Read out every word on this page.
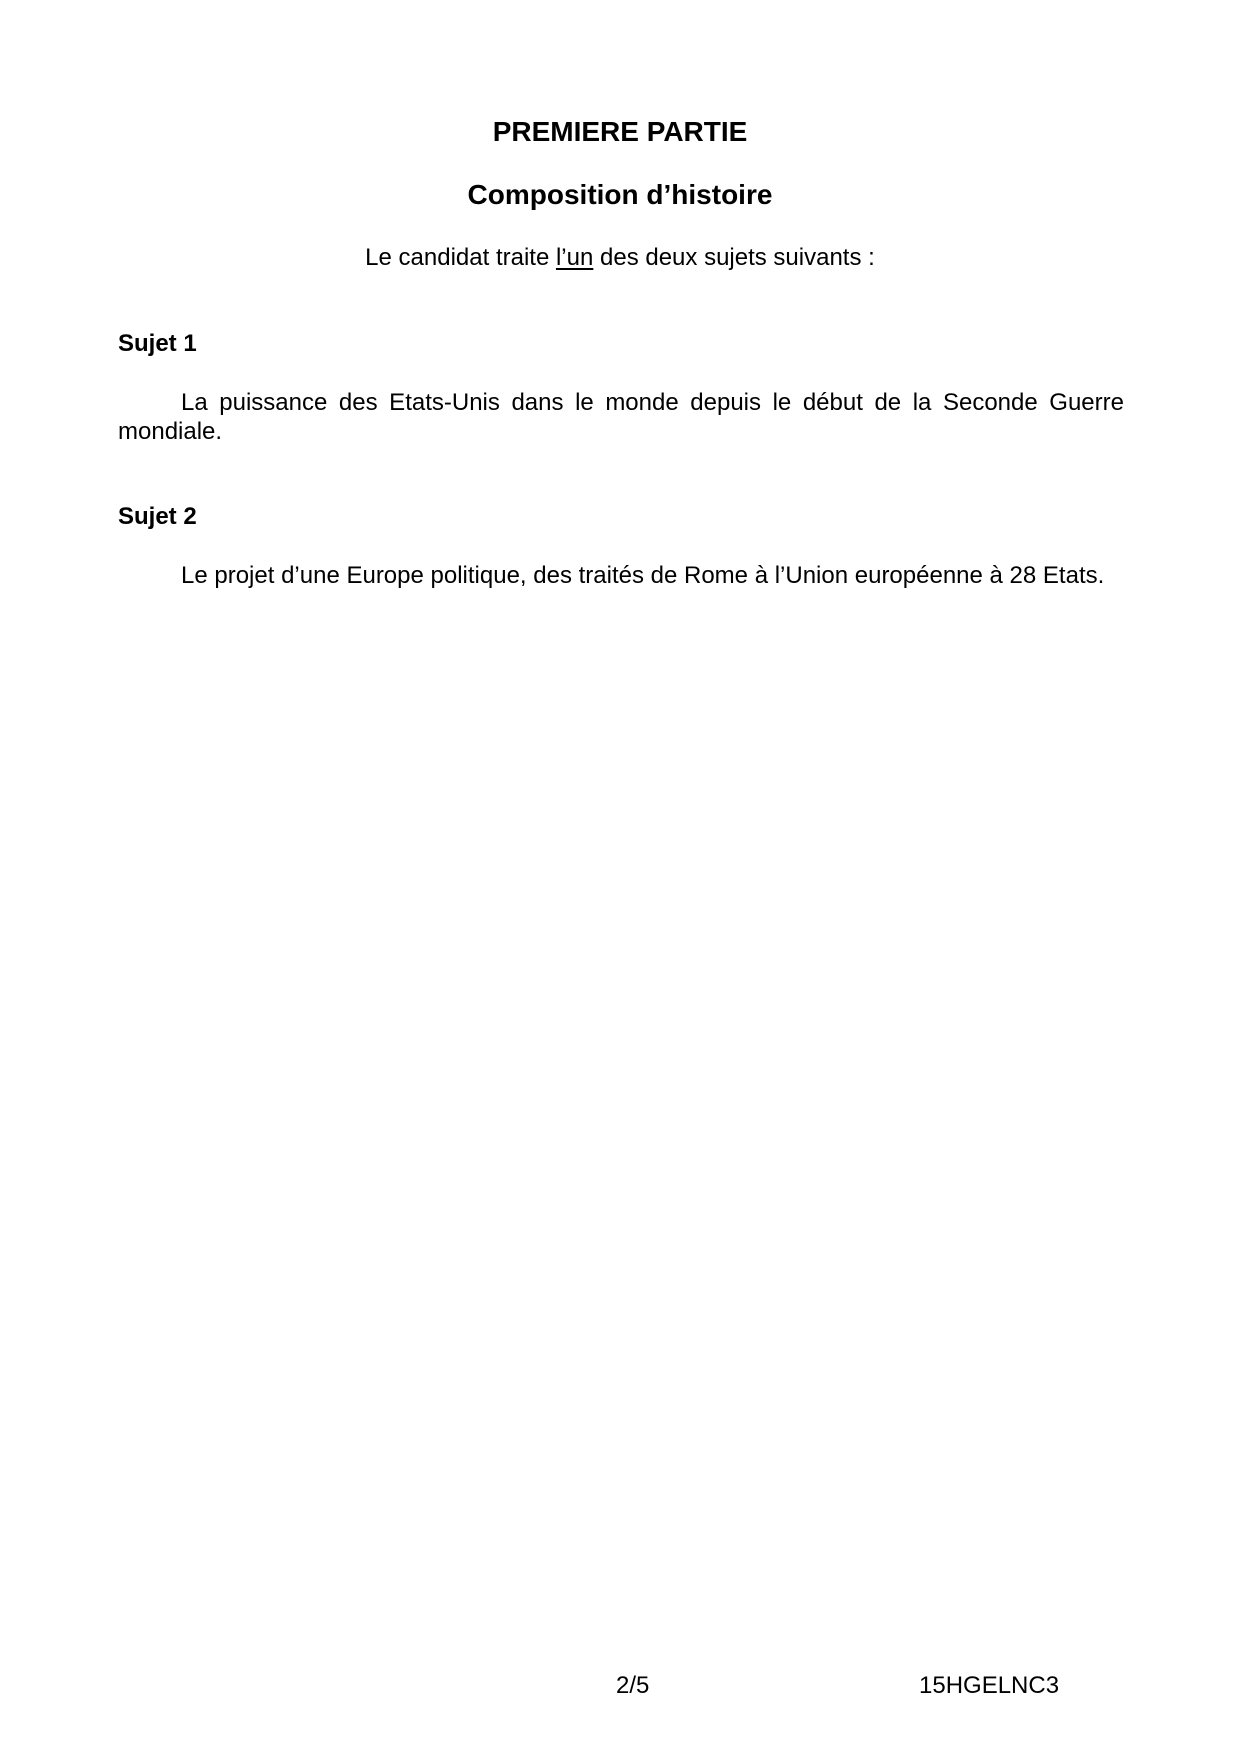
PREMIERE PARTIE
Composition d’histoire

Le candidat traite l’un des deux sujets suivants :

Sujet 1

La puissance des Etats-Unis dans le monde depuis le début de la Seconde Guerre mondiale.

Sujet 2

Le projet d’une Europe politique, des traités de Rome à l’Union européenne à 28 Etats.

2/5	15HGELNC3
